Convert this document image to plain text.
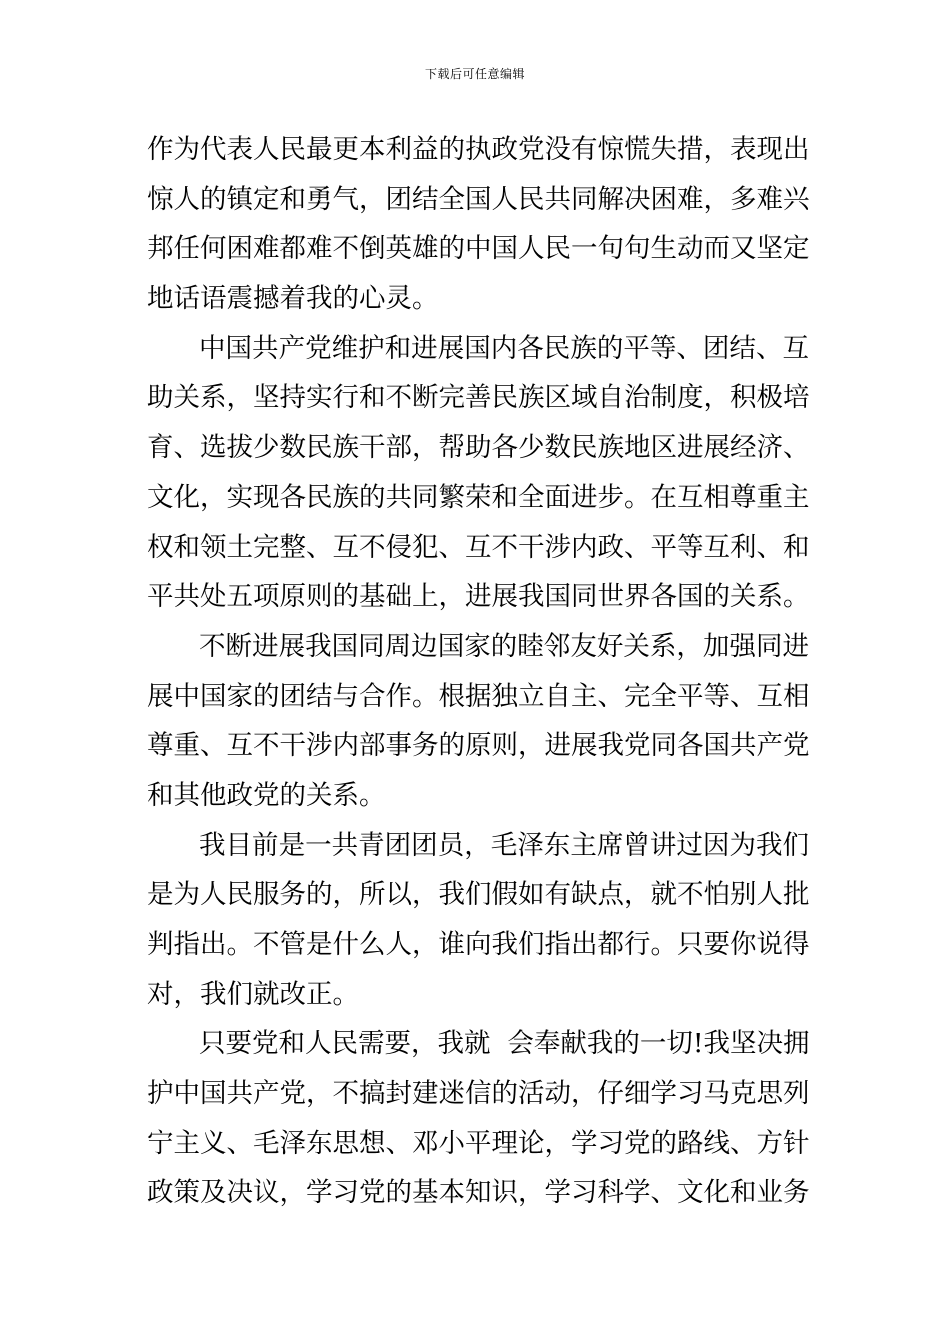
下载后可任意编辑
作为代表人民最更本利益的执政党没有惊慌失措，表现出
惊人的镇定和勇气，团结全国人民共同解决困难，多难兴
邦任何困难都难不倒英雄的中国人民一句句生动而又坚定
地话语震撼着我的心灵。
中国共产党维护和进展国内各民族的平等、团结、互
助关系，坚持实行和不断完善民族区域自治制度，积极培
育、选拔少数民族干部，帮助各少数民族地区进展经济、
文化，实现各民族的共同繁荣和全面进步。在互相尊重主
权和领土完整、互不侵犯、互不干涉内政、平等互利、和
平共处五项原则的基础上，进展我国同世界各国的关系。
不断进展我国同周边国家的睦邻友好关系，加强同进
展中国家的团结与合作。根据独立自主、完全平等、互相
尊重、互不干涉内部事务的原则，进展我党同各国共产党
和其他政党的关系。
我目前是一共青团团员，毛泽东主席曾讲过因为我们
是为人民服务的，所以，我们假如有缺点，就不怕别人批
判指出。不管是什么人，谁向我们指出都行。只要你说得
对，我们就改正。
只要党和人民需要，我就  会奉献我的一切!我坚决拥
护中国共产党，不搞封建迷信的活动，仔细学习马克思列
宁主义、毛泽东思想、邓小平理论，学习党的路线、方针
政策及决议，学习党的基本知识，学习科学、文化和业务
